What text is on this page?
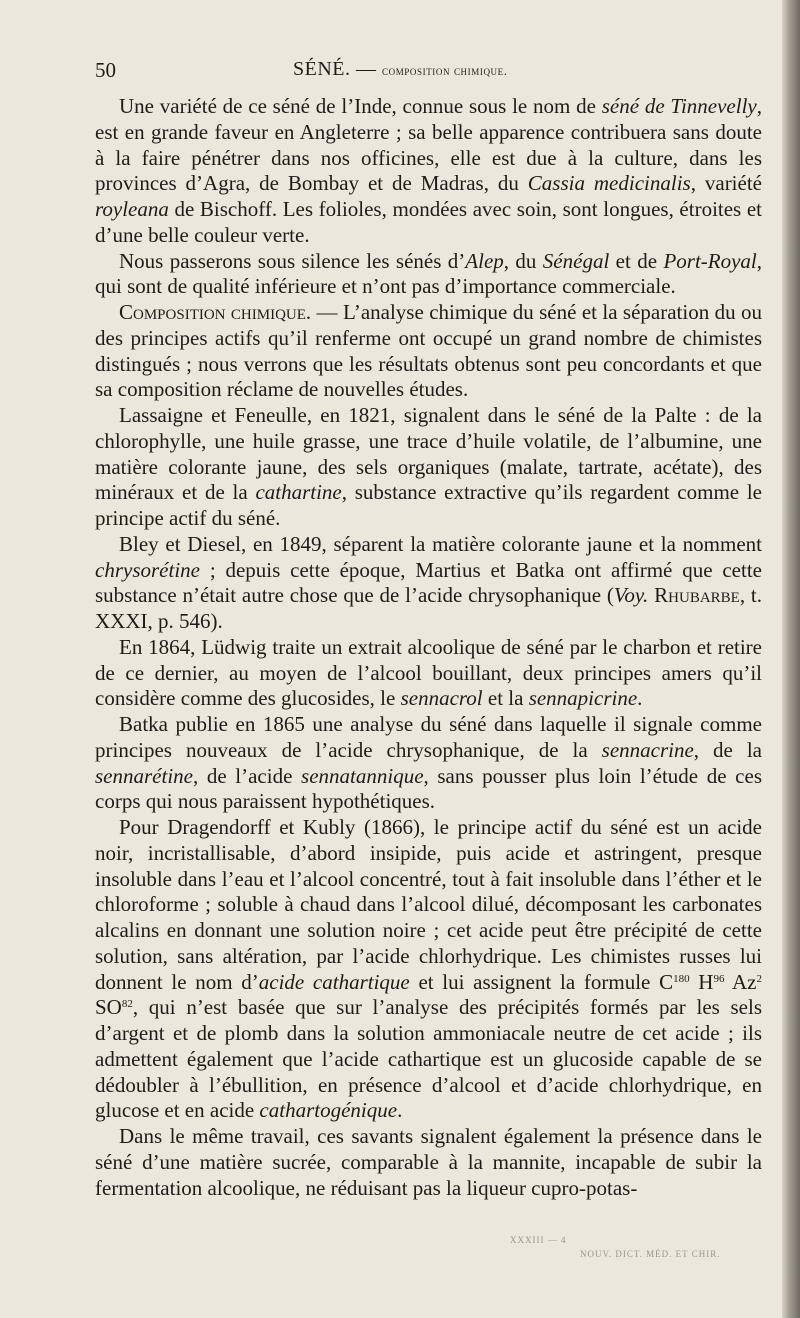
50	SÉNÉ. — composition chimique.

Une variété de ce séné de l’Inde, connue sous le nom de séné de Tinnevelly, est en grande faveur en Angleterre ; sa belle apparence contribuera sans doute à la faire pénétrer dans nos officines, elle est due à la culture, dans les provinces d’Agra, de Bombay et de Madras, du Cassia medicinalis, variété royleana de Bischoff. Les folioles, mondées avec soin, sont longues, étroites et d’une belle couleur verte.

Nous passerons sous silence les sénés d’Alep, du Sénégal et de Port-Royal, qui sont de qualité inférieure et n’ont pas d’importance commerciale.

Composition chimique. — L’analyse chimique du séné et la séparation du ou des principes actifs qu’il renferme ont occupé un grand nombre de chimistes distingués ; nous verrons que les résultats obtenus sont peu concordants et que sa composition réclame de nouvelles études.

Lassaigne et Feneulle, en 1821, signalent dans le séné de la Palte : de la chlorophylle, une huile grasse, une trace d’huile volatile, de l’albumine, une matière colorante jaune, des sels organiques (malate, tartrate, acétate), des minéraux et de la cathartine, substance extractive qu’ils regardent comme le principe actif du séné.

Bley et Diesel, en 1849, séparent la matière colorante jaune et la nomment chrysorétine ; depuis cette époque, Martius et Batka ont affirmé que cette substance n’était autre chose que de l’acide chrysophanique (Voy. Rhubarbe, t. XXXI, p. 546).

En 1864, Lüdwig traite un extrait alcoolique de séné par le charbon et retire de ce dernier, au moyen de l’alcool bouillant, deux principes amers qu’il considère comme des glucosides, le sennacrol et la sennapicrine.

Batka publie en 1865 une analyse du séné dans laquelle il signale comme principes nouveaux de l’acide chrysophanique, de la sennacrine, de la sennarétine, de l’acide sennatannique, sans pousser plus loin l’étude de ces corps qui nous paraissent hypothétiques.

Pour Dragendorff et Kubly (1866), le principe actif du séné est un acide noir, incristallisable, d’abord insipide, puis acide et astringent, presque insoluble dans l’eau et l’alcool concentré, tout à fait insoluble dans l’éther et le chloroforme ; soluble à chaud dans l’alcool dilué, décomposant les carbonates alcalins en donnant une solution noire ; cet acide peut être précipité de cette solution, sans altération, par l’acide chlorhydrique. Les chimistes russes lui donnent le nom d’acide cathartique et lui assignent la formule $C^{180}$ $H^{96}$ Az$^2$ SO$^{82}$, qui n’est basée que sur l’analyse des précipités formés par les sels d’argent et de plomb dans la solution ammoniacale neutre de cet acide ; ils admettent également que l’acide cathartique est un glucoside capable de se dédoubler à l’ébullition, en présence d’alcool et d’acide chlorhydrique, en glucose et en acide cathartogénique.

Dans le même travail, ces savants signalent également la présence dans le séné d’une matière sucrée, comparable à la mannite, incapable de subir la fermentation alcoolique, ne réduisant pas la liqueur cupro-potas-

XXXIII — 4
NOUV. DICT. MÉD. ET CHIR.
